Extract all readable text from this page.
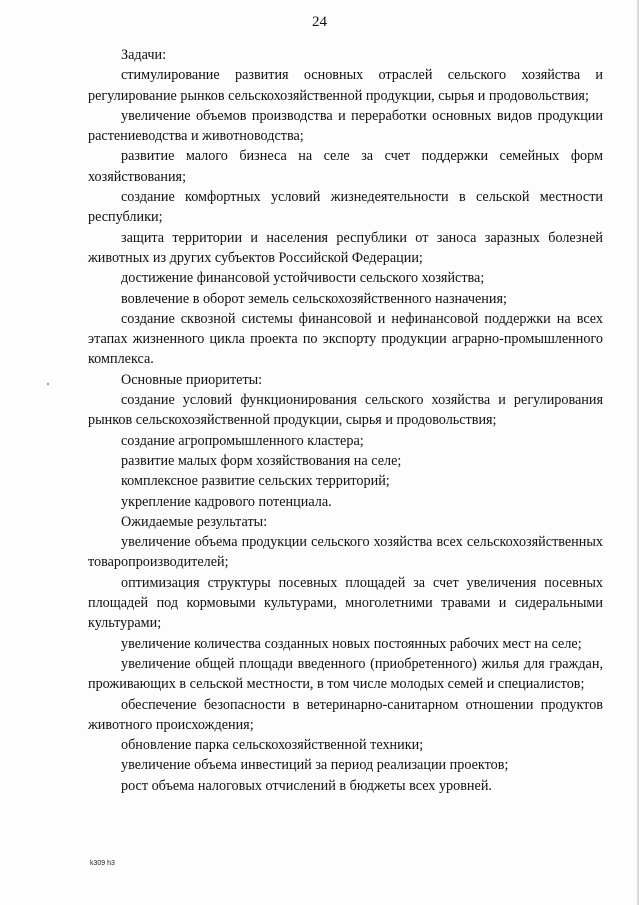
24

Задачи:

стимулирование развития основных отраслей сельского хозяйства и регулирование рынков сельскохозяйственной продукции, сырья и продовольствия;

увеличение объемов производства и переработки основных видов продукции растениеводства и животноводства;

развитие малого бизнеса на селе за счет поддержки семейных форм хозяйствования;

создание комфортных условий жизнедеятельности в сельской местности республики;

защита территории и населения республики от заноса заразных болезней животных из других субъектов Российской Федерации;

достижение финансовой устойчивости сельского хозяйства;

вовлечение в оборот земель сельскохозяйственного назначения;

создание сквозной системы финансовой и нефинансовой поддержки на всех этапах жизненного цикла проекта по экспорту продукции аграрно-промышленного комплекса.

Основные приоритеты:

создание условий функционирования сельского хозяйства и регулирования рынков сельскохозяйственной продукции, сырья и продовольствия;

создание агропромышленного кластера;

развитие малых форм хозяйствования на селе;

комплексное развитие сельских территорий;

укрепление кадрового потенциала.

Ожидаемые результаты:

увеличение объема продукции сельского хозяйства всех сельскохозяйственных товаропроизводителей;

оптимизация структуры посевных площадей за счет увеличения посевных площадей под кормовыми культурами, многолетними травами и сидеральными культурами;

увеличение количества созданных новых постоянных рабочих мест на селе;

увеличение общей площади введенного (приобретенного) жилья для граждан, проживающих в сельской местности, в том числе молодых семей и специалистов;

обеспечение безопасности в ветеринарно-санитарном отношении продуктов животного происхождения;

обновление парка сельскохозяйственной техники;

увеличение объема инвестиций за период реализации проектов;

рост объема налоговых отчислений в бюджеты всех уровней.

k309 h3
